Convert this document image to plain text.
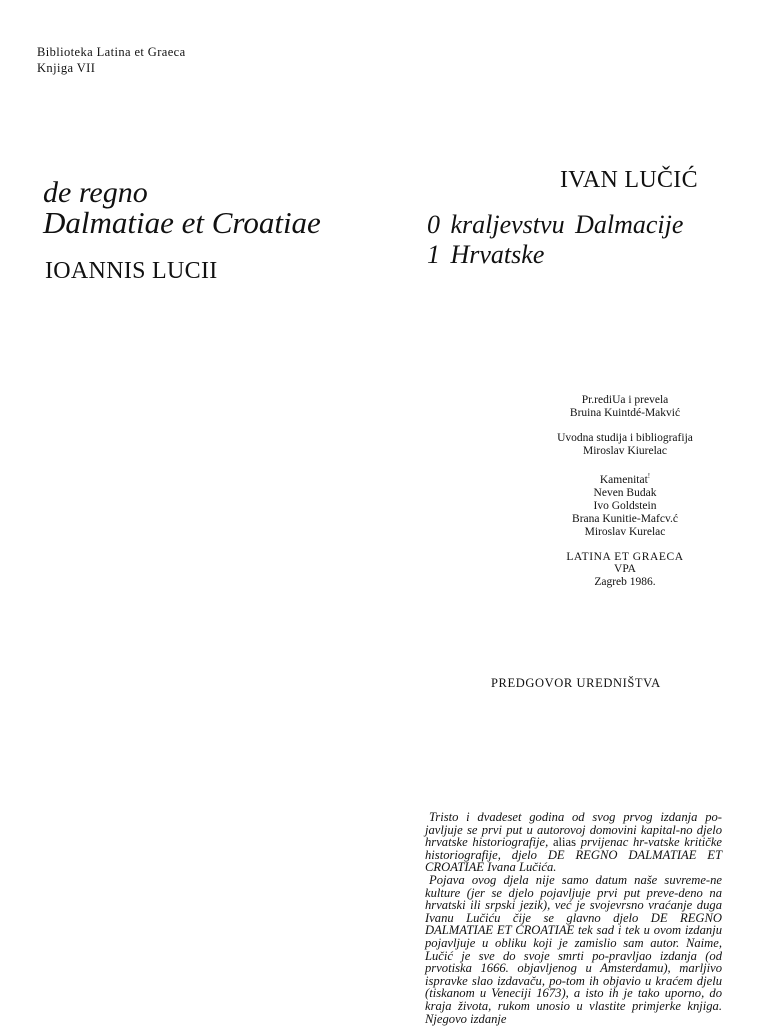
Biblioteka Latina et Graeca
Knjiga VII
de regno
Dalmatiae et Croatiae
IOANNIS LUCII
IVAN LUČIĆ
0 kraljevstvu Dalmacije
1 Hrvatske
Pr.rediUa i prevela
Bruina Kuintdé-Makvić
Uvodna studija i bibliografija
Miroslav Kiurelac
Kamenitat!
Neven Budak
Ivo Goldstein
Brana Kunitie-Mafcv.ć
Miroslav Kurelac
LATINA ET GRAECA
VPA
Zagreb 1986.
PREDGOVOR UREDNIŠTVA

Tristo i dvadeset godina od svog prvog izdanja po-javljuje se prvi put u autorovoj domovini kapital-no djelo hrvatske historiografije, alias prvijenac hr-vatske kritičke historiografije, djelo DE REGNO DALMATIAE ET CROATIAE Ivana Lučića.

Pojava ovog djela nije samo datum naše suvreme-ne kulture (jer se djelo pojavljuje prvi put preve-deno na hrvatski ili srpski jezik), već je svojevrsno vraćanje duga Ivanu Lučiću čije se glavno djelo DE REGNO DALMATIAE ET CROATIAE tek sad i tek u ovom izdanju pojavljuje u obliku koji je zamislio sam autor. Naime, Lučić je sve do svoje smrti po-pravljao izdanja (od prvotiska 1666. objavljenog u Amsterdamu), marljivo ispravke slao izdavaču, po-tom ih objavio u kraćem djelu (tiskanom u Veneciji 1673), a isto ih je tako uporno, do kraja života, rukom unosio u vlastite primjerke knjiga. Njegovo izdanje
